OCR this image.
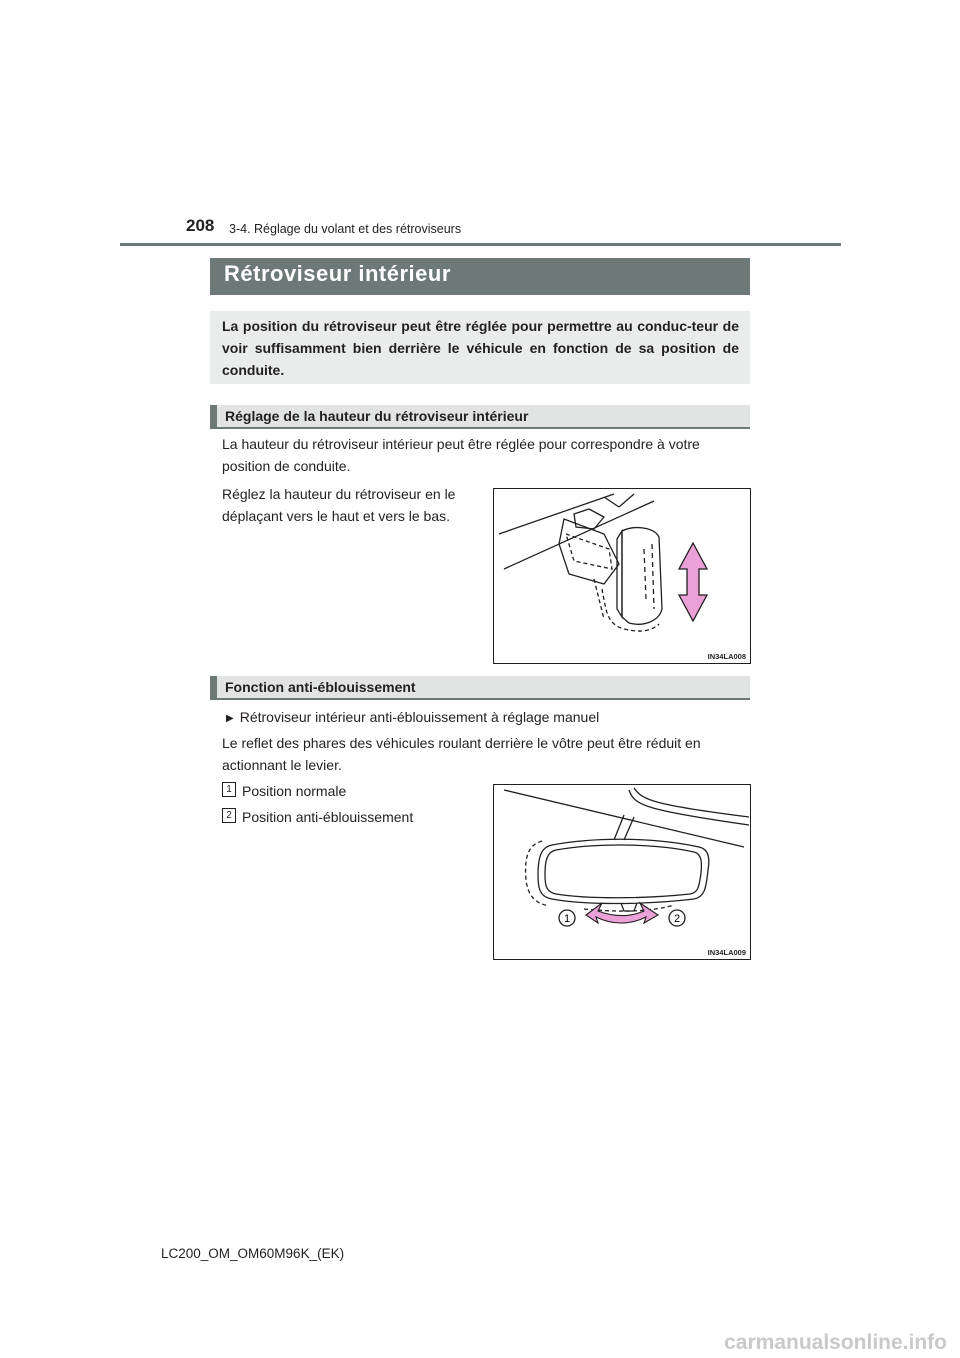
208 3-4. Réglage du volant et des rétroviseurs
Rétroviseur intérieur

La position du rétroviseur peut être réglée pour permettre au conduc-teur de voir suffisamment bien derrière le véhicule en fonction de sa position de conduite.

Réglage de la hauteur du rétroviseur intérieur

La hauteur du rétroviseur intérieur peut être réglée pour correspondre à votre position de conduite.

Réglez la hauteur du rétroviseur en le déplaçant vers le haut et vers le bas.

IN34LA008
Fonction anti-éblouissement
▶ Rétroviseur intérieur anti-éblouissement à réglage manuel

Le reflet des phares des véhicules roulant derrière le vôtre peut être réduit en actionnant le levier.

1 Position normale
2 Position anti-éblouissement
1	2
IN34LA009
LC200_OM_OM60M96K_(EK)
carmanualsonline.info
